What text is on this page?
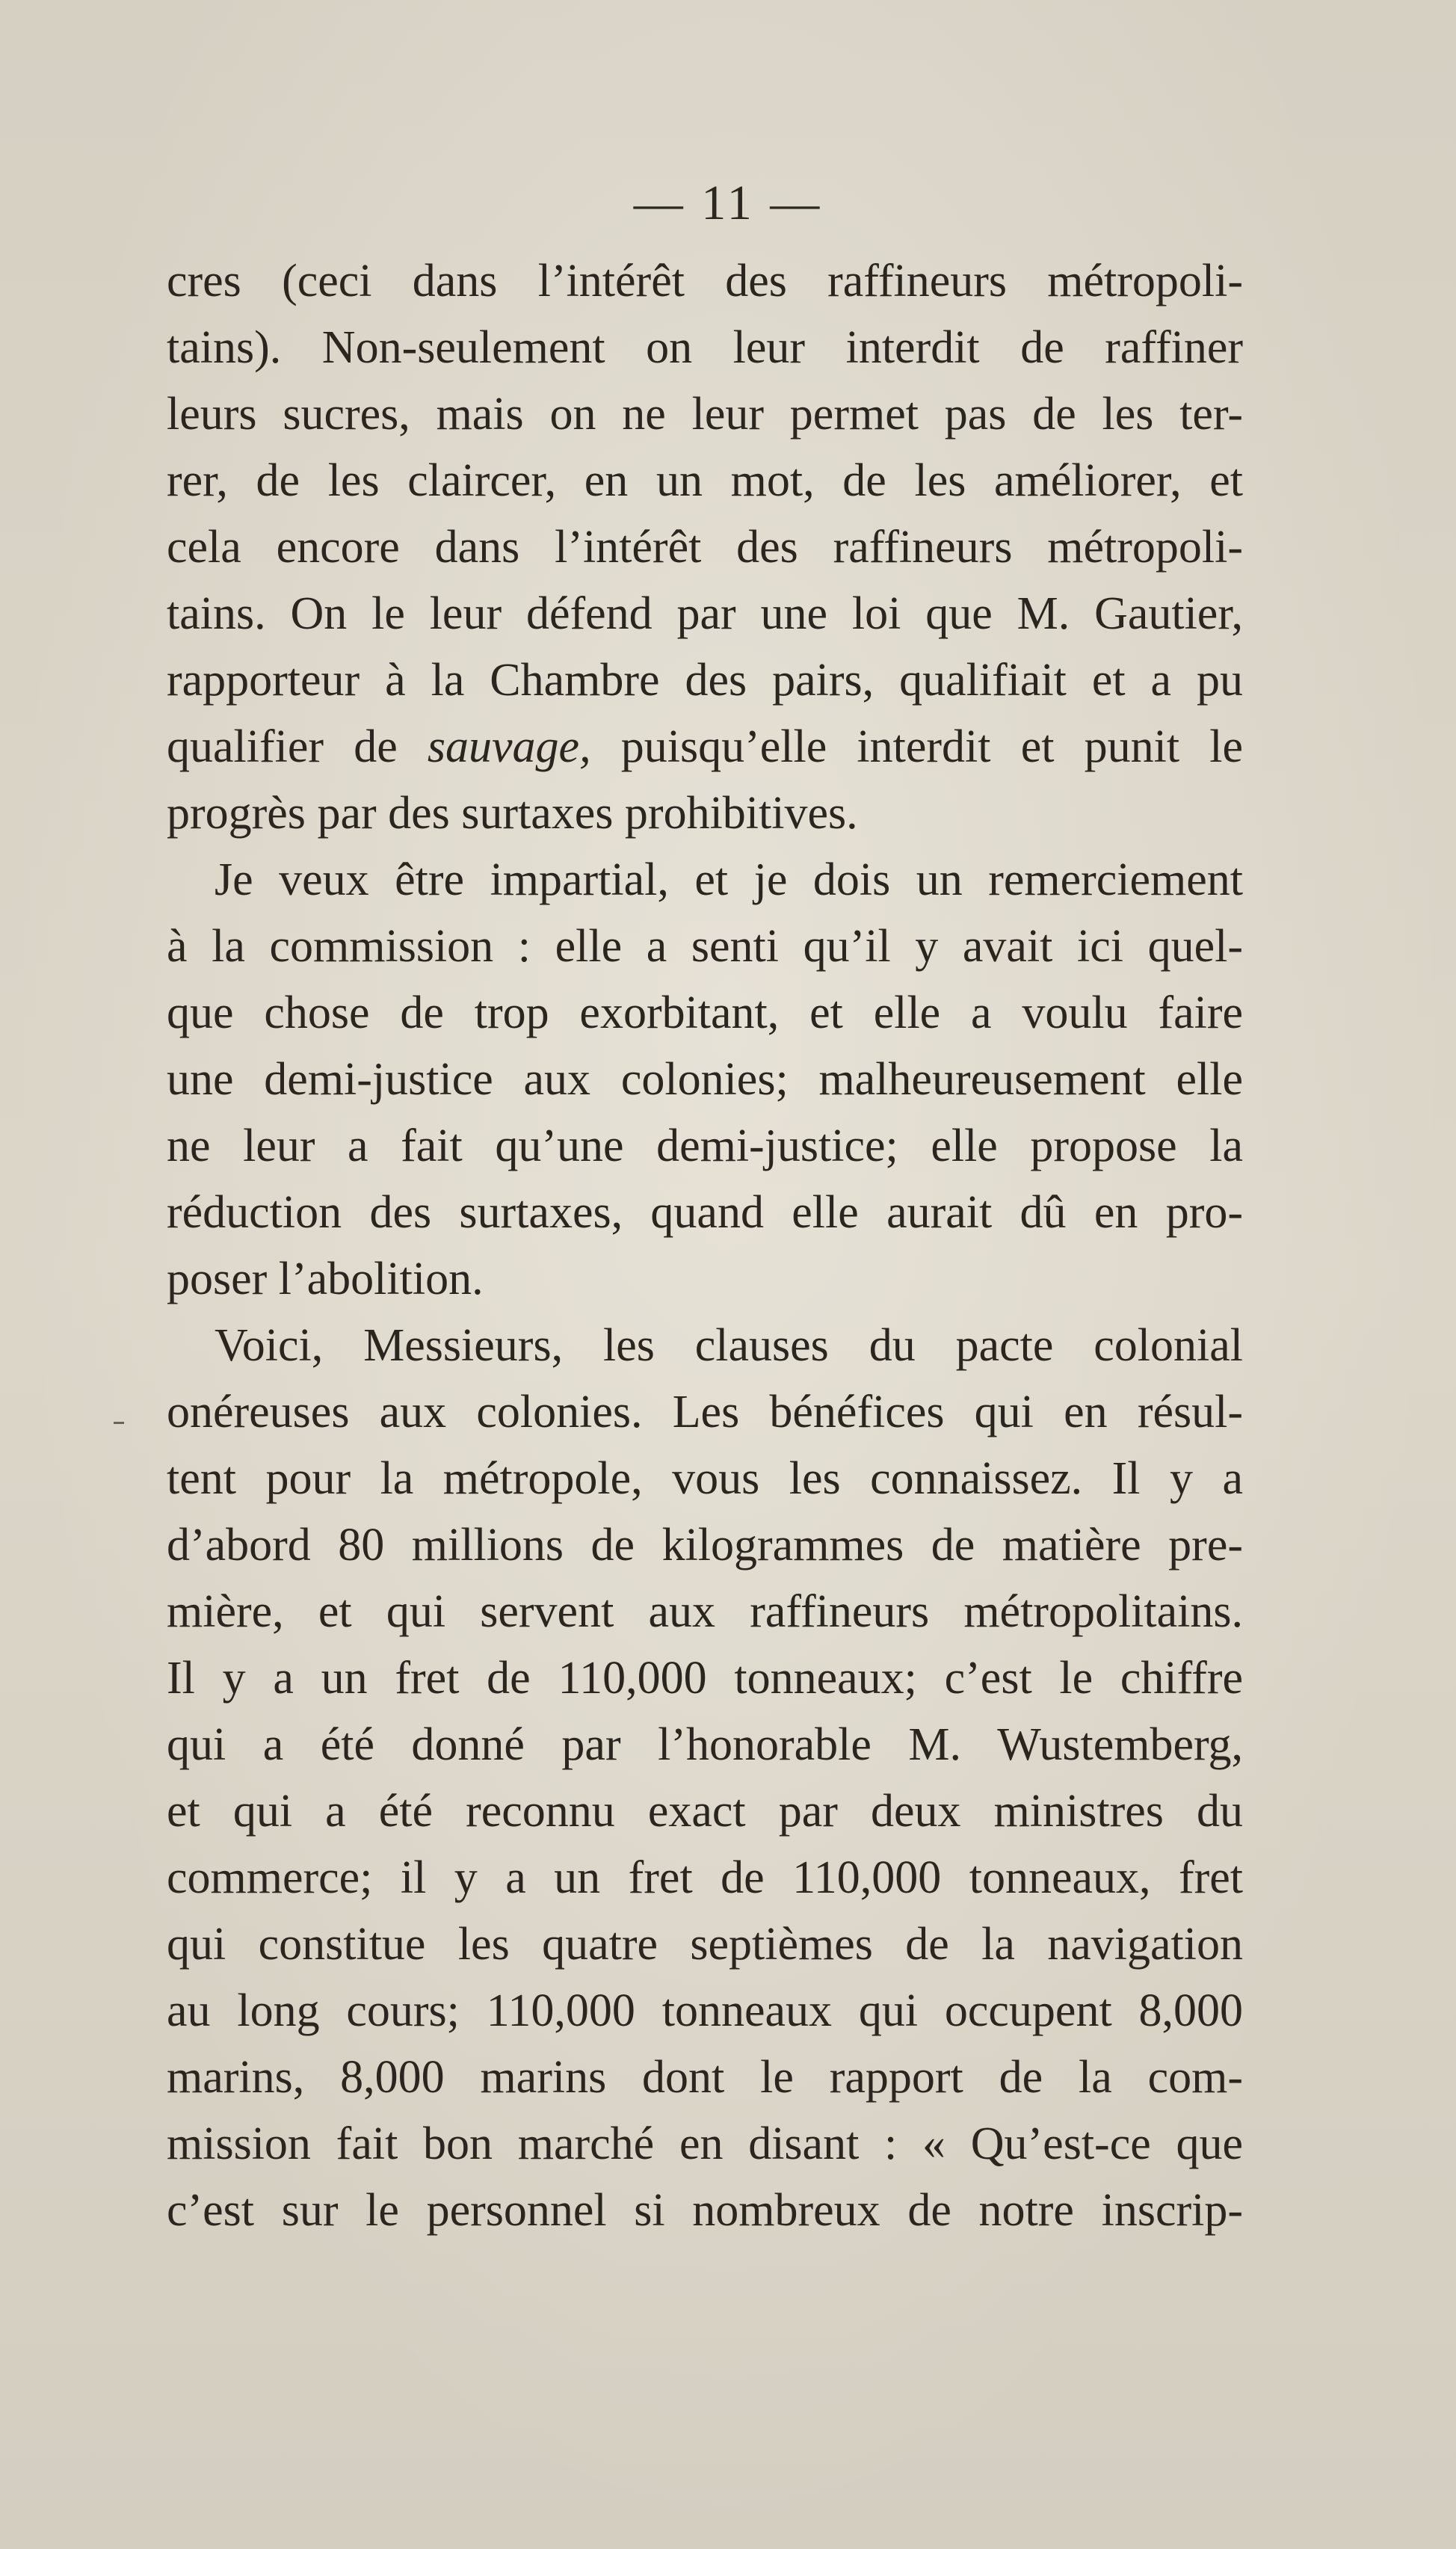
— 11 —
cres (ceci dans l’intérêt des raffineurs métropoli-
tains). Non-seulement on leur interdit de raffiner
leurs sucres, mais on ne leur permet pas de les ter-
rer, de les claircer, en un mot, de les améliorer, et
cela encore dans l’intérêt des raffineurs métropoli-
tains. On le leur défend par une loi que M. Gautier,
rapporteur à la Chambre des pairs, qualifiait et a pu
qualifier de sauvage, puisqu’elle interdit et punit le
progrès par des surtaxes prohibitives.
Je veux être impartial, et je dois un remerciement
à la commission : elle a senti qu’il y avait ici quel-
que chose de trop exorbitant, et elle a voulu faire
une demi-justice aux colonies; malheureusement elle
ne leur a fait qu’une demi-justice; elle propose la
réduction des surtaxes, quand elle aurait dû en pro-
poser l’abolition.
Voici, Messieurs, les clauses du pacte colonial
onéreuses aux colonies. Les bénéfices qui en résul-
tent pour la métropole, vous les connaissez. Il y a
d’abord 80 millions de kilogrammes de matière pre-
mière, et qui servent aux raffineurs métropolitains.
Il y a un fret de 110,000 tonneaux; c’est le chiffre
qui a été donné par l’honorable M. Wustemberg,
et qui a été reconnu exact par deux ministres du
commerce; il y a un fret de 110,000 tonneaux, fret
qui constitue les quatre septièmes de la navigation
au long cours; 110,000 tonneaux qui occupent 8,000
marins, 8,000 marins dont le rapport de la com-
mission fait bon marché en disant : « Qu’est-ce que
c’est sur le personnel si nombreux de notre inscrip-
